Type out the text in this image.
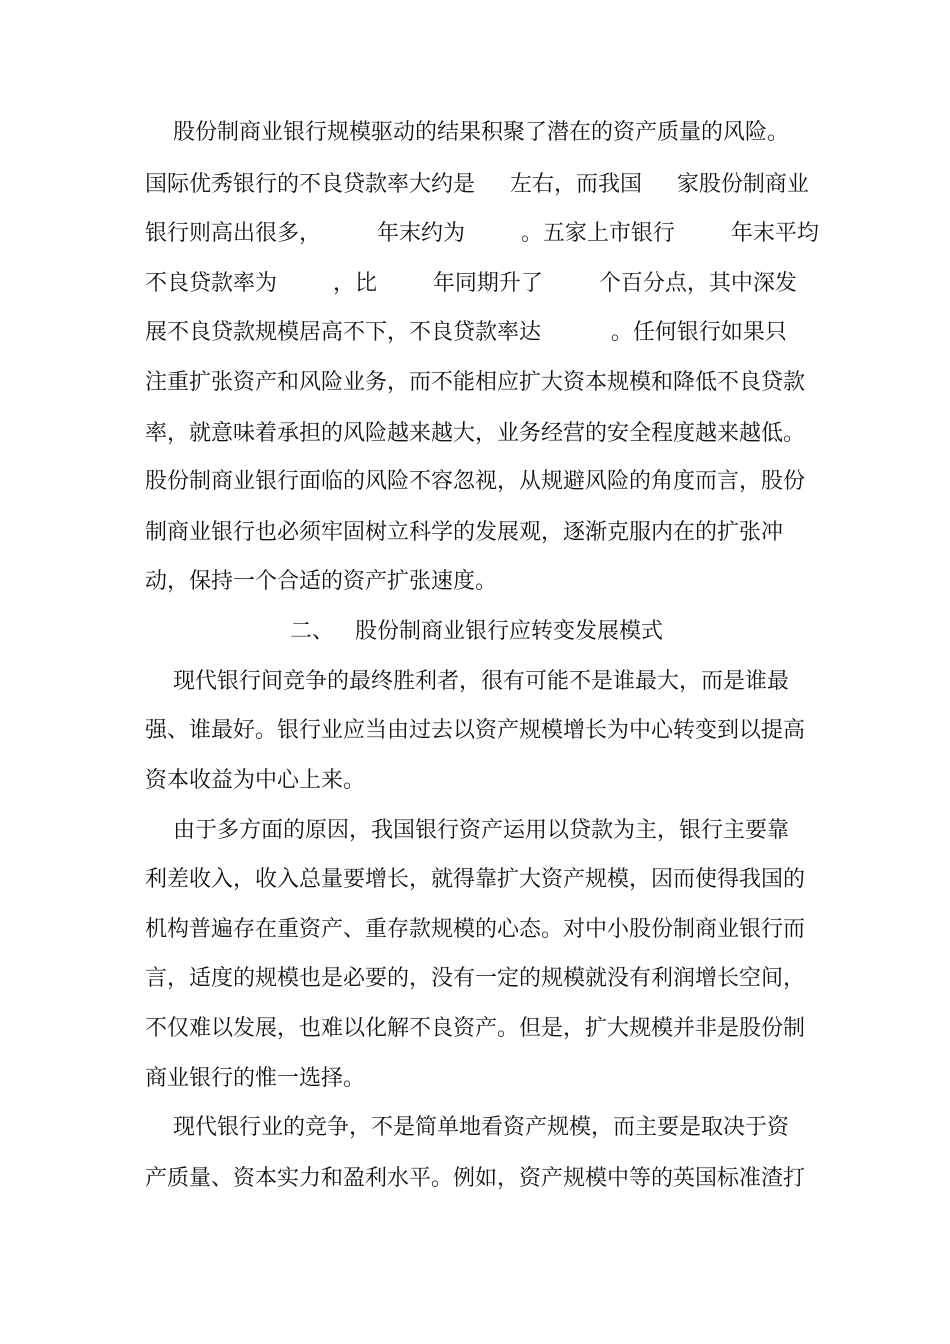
股份制商业银行规模驱动的结果积聚了潜在的资产质量的风险。
国际优秀银行的不良贷款率大约是     左右，而我国     家股份制商业
银行则高出很多，        年末约为        。五家上市银行        年末平均
不良贷款率为        ，比        年同期升了        个百分点，其中深发
展不良贷款规模居高不下，不良贷款率达          。任何银行如果只
注重扩张资产和风险业务，而不能相应扩大资本规模和降低不良贷款
率，就意味着承担的风险越来越大，业务经营的安全程度越来越低。
股份制商业银行面临的风险不容忽视，从规避风险的角度而言，股份
制商业银行也必须牢固树立科学的发展观，逐渐克服内在的扩张冲
动，保持一个合适的资产扩张速度。
二、   股份制商业银行应转变发展模式
现代银行间竞争的最终胜利者，很有可能不是谁最大，而是谁最
强、谁最好。银行业应当由过去以资产规模增长为中心转变到以提高
资本收益为中心上来。
由于多方面的原因，我国银行资产运用以贷款为主，银行主要靠
利差收入，收入总量要增长，就得靠扩大资产规模，因而使得我国的
机构普遍存在重资产、重存款规模的心态。对中小股份制商业银行而
言，适度的规模也是必要的，没有一定的规模就没有利润增长空间，
不仅难以发展，也难以化解不良资产。但是，扩大规模并非是股份制
商业银行的惟一选择。
现代银行业的竞争，不是简单地看资产规模，而主要是取决于资
产质量、资本实力和盈利水平。例如，资产规模中等的英国标准渣打
